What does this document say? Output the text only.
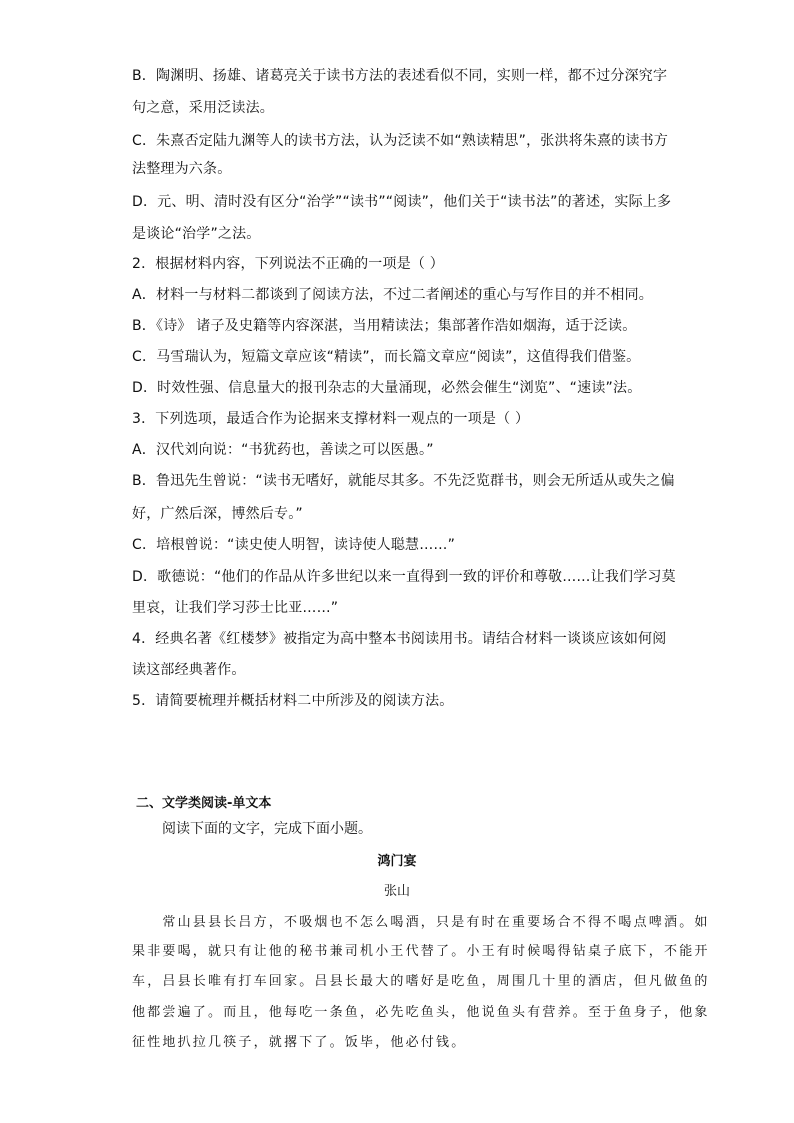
B．陶渊明、扬雄、诸葛亮关于读书方法的表述看似不同，实则一样，都不过分深究字
句之意，采用泛读法。
C．朱熹否定陆九渊等人的读书方法，认为泛读不如“熟读精思”，张洪将朱熹的读书方
法整理为六条。
D．元、明、清时没有区分“治学”“读书”“阅读”，他们关于“读书法”的著述，实际上多
是谈论“治学”之法。
2．根据材料内容，下列说法不正确的一项是（ ）
A．材料一与材料二都谈到了阅读方法，不过二者阐述的重心与写作目的并不相同。
B．《诗》 诸子及史籍等内容深湛，当用精读法；集部著作浩如烟海，适于泛读。
C．马雪瑞认为，短篇文章应该“精读”，而长篇文章应“阅读”，这值得我们借鉴。
D．时效性强、信息量大的报刊杂志的大量涌现，必然会催生“浏览”、“速读”法。
3．下列选项，最适合作为论据来支撑材料一观点的一项是（ ）
A．汉代刘向说：“书犹药也，善读之可以医愚。”
B．鲁迅先生曾说：“读书无嗜好，就能尽其多。不先泛览群书，则会无所适从或失之偏
好，广然后深，博然后专。”
C．培根曾说：“读史使人明智，读诗使人聪慧……”
D．歌德说：“他们的作品从许多世纪以来一直得到一致的评价和尊敬……让我们学习莫
里哀，让我们学习莎士比亚……”
4．经典名著《红楼梦》被指定为高中整本书阅读用书。请结合材料一谈谈应该如何阅
读这部经典著作。
5．请简要梳理并概括材料二中所涉及的阅读方法。
二、文学类阅读-单文本
阅读下面的文字，完成下面小题。
鸿门宴
张山
　　常山县县长吕方，不吸烟也不怎么喝酒，只是有时在重要场合不得不喝点啤酒。如
果非要喝，就只有让他的秘书兼司机小王代替了。小王有时候喝得钻桌子底下，不能开
车，吕县长唯有打车回家。吕县长最大的嗜好是吃鱼，周围几十里的酒店，但凡做鱼的
他都尝遍了。而且，他每吃一条鱼，必先吃鱼头，他说鱼头有营养。至于鱼身子，他象
征性地扒拉几筷子，就撂下了。饭毕，他必付钱。
